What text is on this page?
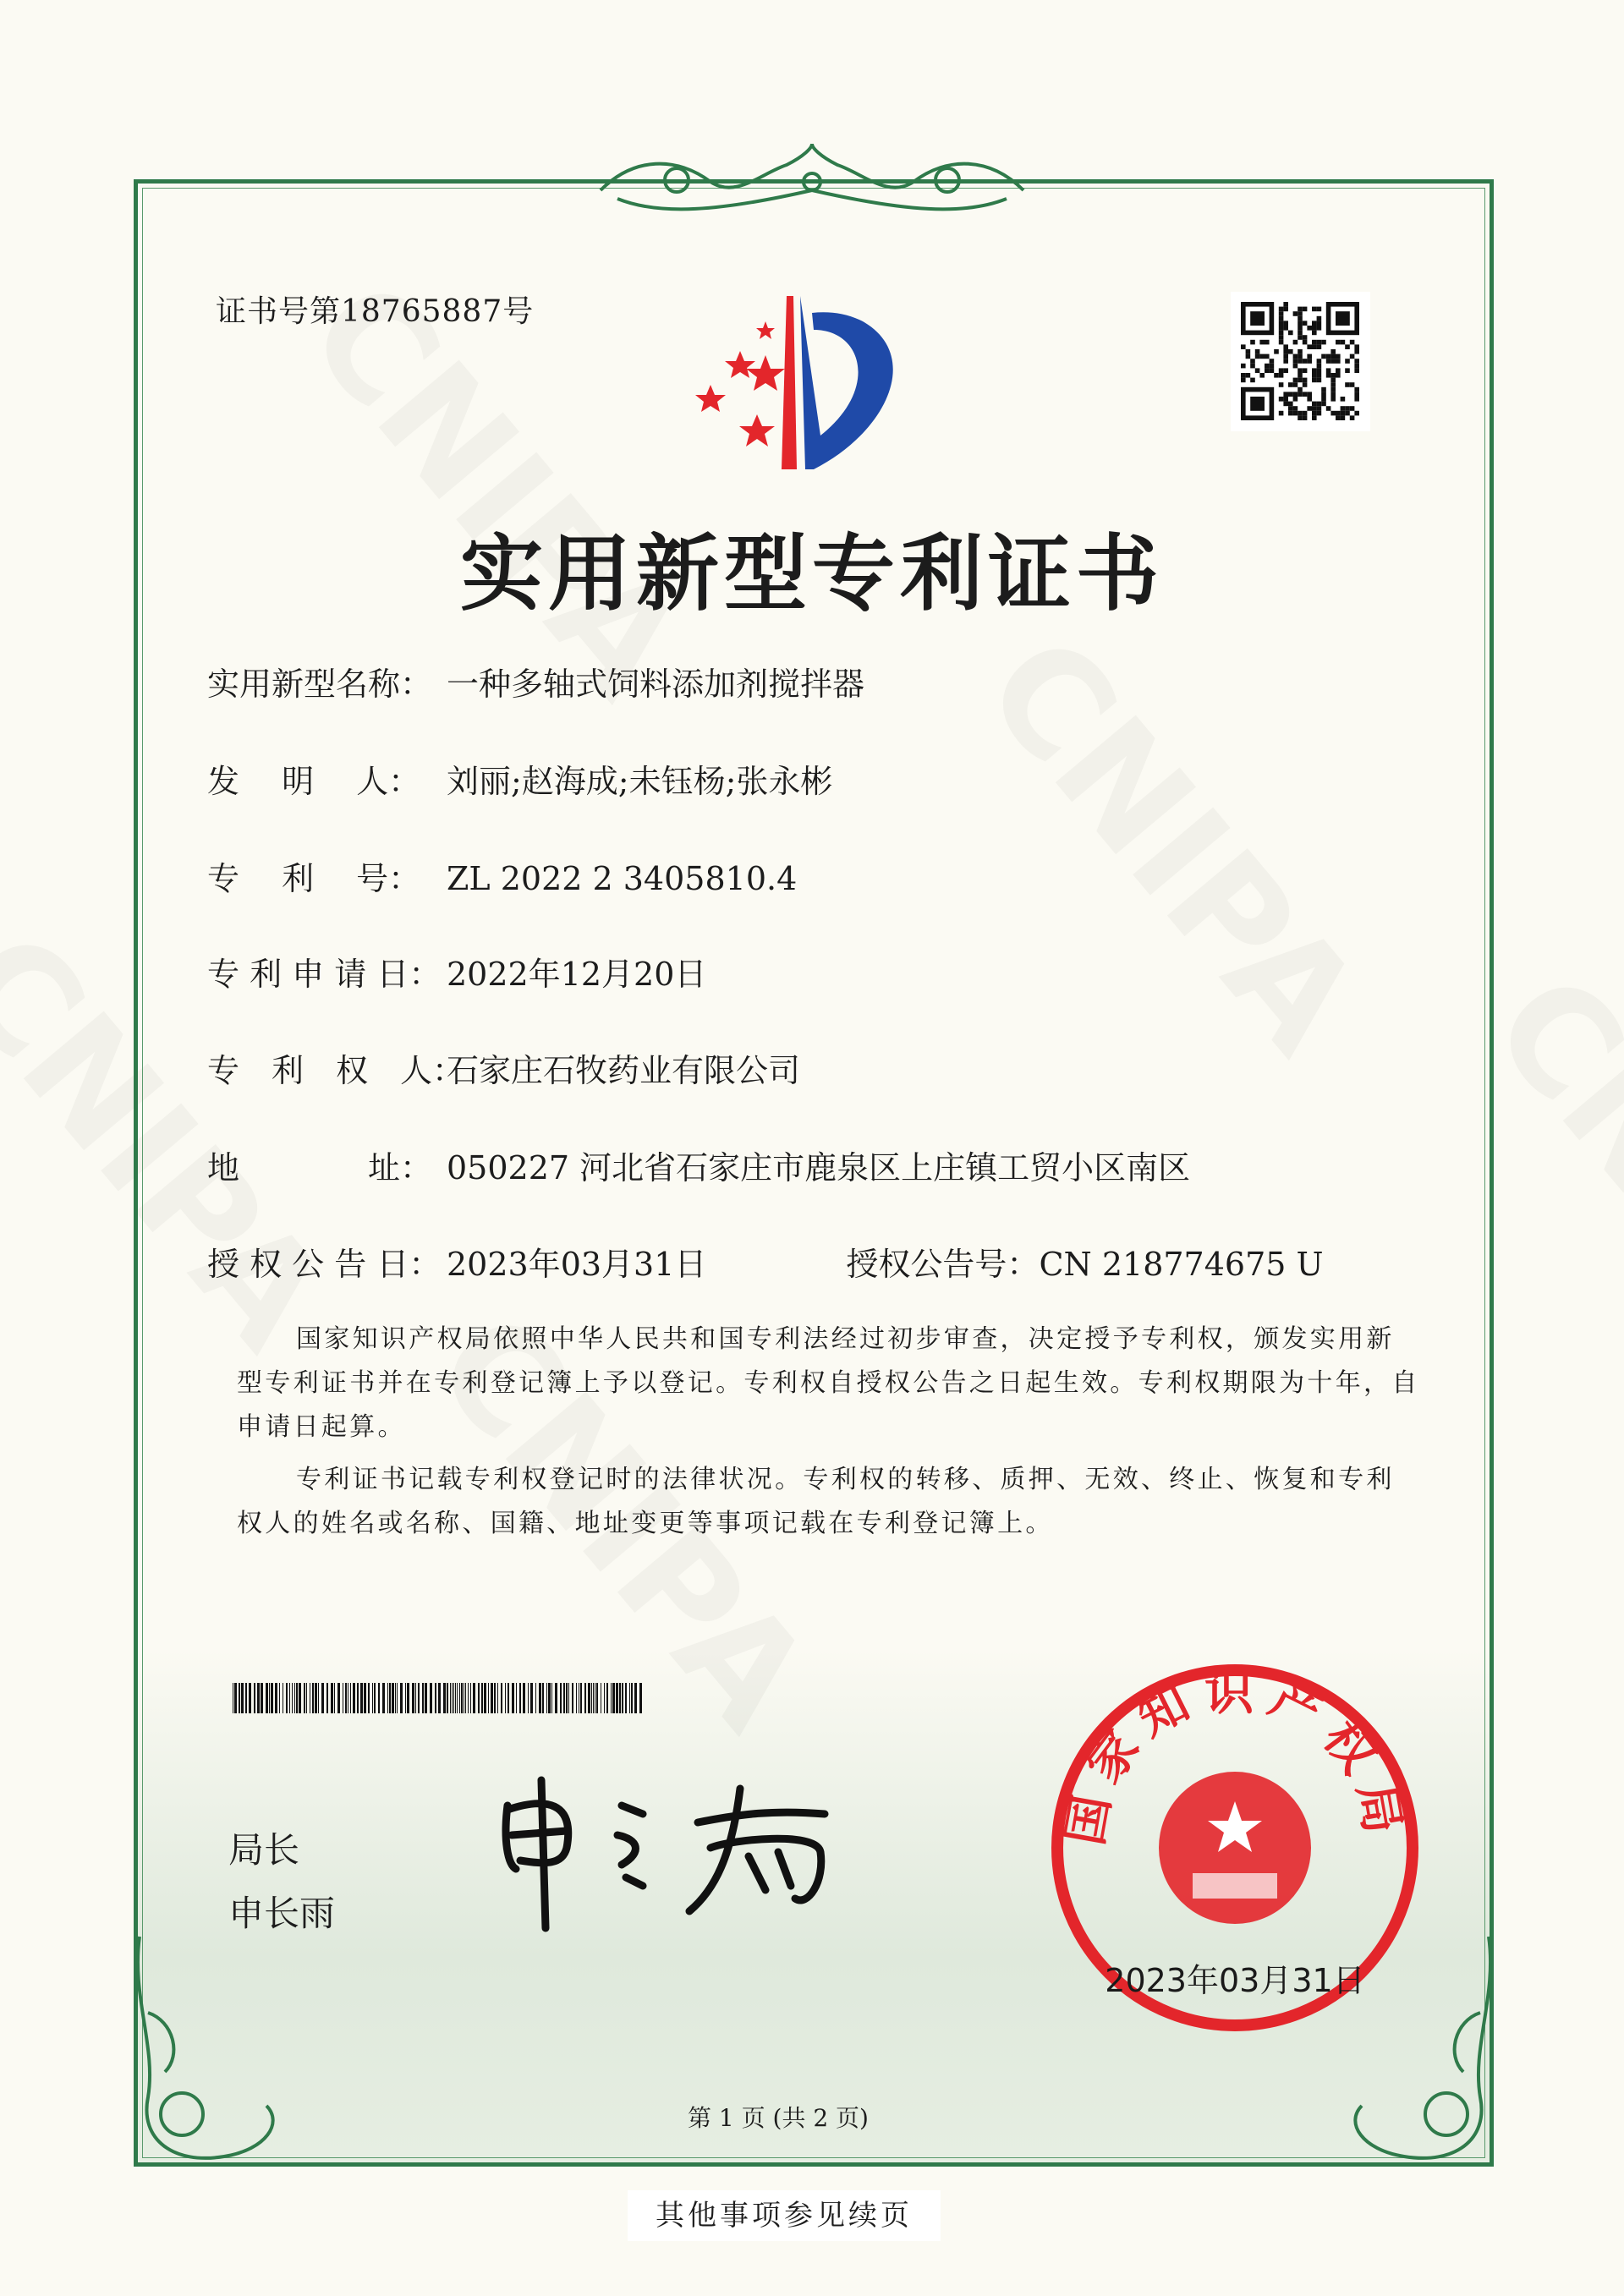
证书号第18765887号
实用新型专利证书
实用新型名称： 一种多轴式饲料添加剂搅拌器
发　 明　 人： 刘丽;赵海成;未钰杨;张永彬
专　 利　 号： ZL 2022 2 3405810.4
专 利 申 请 日： 2022年12月20日
专　利　权　人：
石家庄石牧药业有限公司
地　　　　址： 050227 河北省石家庄市鹿泉区上庄镇工贸小区南区
授 权 公 告 日： 2023年03月31日	授权公告号： CN 218774675 U
国家知识产权局依照中华人民共和国专利法经过初步审查，决定授予专利权，颁发实用新型专利证书并在专利登记簿上予以登记。专利权自授权公告之日起生效。专利权期限为十年，自申请日起算。
专利证书记载专利权登记时的法律状况。专利权的转移、质押、无效、终止、恢复和专利权人的姓名或名称、国籍、地址变更等事项记载在专利登记簿上。
局长
申长雨
国家知识产权局
2023年03月31日
第 1 页 (共 2 页)
其他事项参见续页
